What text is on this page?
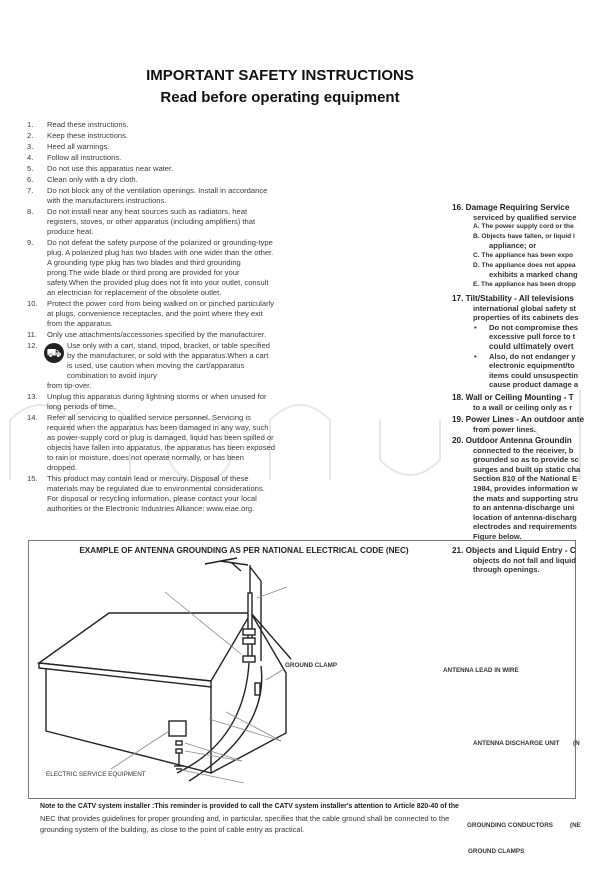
IMPORTANT SAFETY INSTRUCTIONS
Read before operating equipment
1.	Read these instructions.
2.	Keep these instructions.
3.	Heed all warnings.
4.	Follow all instructions.
5.	Do not use this apparatus near water.
6.	Clean only with a dry cloth.
7.	Do not block any of the ventilation openings. Install in accordance with the manufacturers instructions.
8.	Do not install near any heat sources such as radiators, heat registers, stoves, or other apparatus (including amplifiers) that produce heat.
9.	Do not defeat the safety purpose of the polarized or grounding-type plug. A polarized plug has two blades with one wider than the other. A grounding type plug has two blades and third grounding prong.The wide blade or third prong are provided for your safety.When the provided plug does not fit into your outlet, consult an electrician for replacement of the obsolete outlet.
10.	Protect the power cord from being walked on or pinched particularly at plugs, convenience receptacles, and the point where they exit from the apparatus.
11.	Only use attachments/accessories specified by the manufacturer.
12.
⛟
Use only with a cart, stand, tripod, bracket, or table specified by the manufacturer, or sold with the apparatus.When a cart is used, use caution when moving the cart/apparatus combination to avoid injury
from tip-over.
13.	Unplug this apparatus during lightning storms or when unused for long periods of time.
14.	Refer all servicing to qualified service personnel. Servicing is required when the apparatus has been damaged in any way, such as power-supply cord or plug is damaged, liquid has been spilled or objects have fallen into apparatus, the apparatus has been exposed to rain or moisture, does not operate normally, or has been dropped.
15.	This product may contain lead or mercury. Disposal of these materials may be regulated due to environmental considerations. For disposal or recycling information, please contact your local authorities or the Electronic Industries Alliance: www.eiae.org.
16. Damage Requiring Service
serviced by qualified service
A. The power supply cord or the
B. Objects have fallen, or liquid l
appliance; or
C. The appliance has been expo
D. The appliance does not appea
exhibits a marked chang
E. The appliance has been dropp
17. Tilt/Stability - All televisions
international global safety st
properties of its cabinets des
• Do not compromise thes
excessive pull force to t
could ultimately overt
• Also, do not endanger y
electronic equipment/to
items could unsuspectin
cause product damage a
18. Wall or Ceiling Mounting - T
to a wall or ceiling only as r
19. Power Lines - An outdoor ante
from power lines.
20. Outdoor Antenna Groundin
connected to the receiver, b
grounded so as to provide sc
surges and built up static cha
Section 810 of the National E
1984, provides information w
the mats and supporting stru
to an antenna-discharge uni
location of antenna-discharg
electrodes and requirements
Figure below.
EXAMPLE OF ANTENNA GROUNDING AS PER NATIONAL ELECTRICAL CODE (NEC)
GROUND CLAMP
ANTENNA LEAD IN WIRE
ANTENNA DISCHARGE UNIT (N
ELECTRIC SERVICE EQUIPMENT
21. Objects and Liquid Entry - C
objects do not fall and liquid
through openings.
Note to the CATV system installer :This reminder is provided to call the CATV system installer's attention to Article 820-40 of the
NEC that provides guidelines for proper grounding and, in particular, specifies that the cable ground shall be connected to the grounding system of the building, as close to the point of cable entry as practical.	GROUNDING CONDUCTORS	(NE
GROUND CLAMPS
